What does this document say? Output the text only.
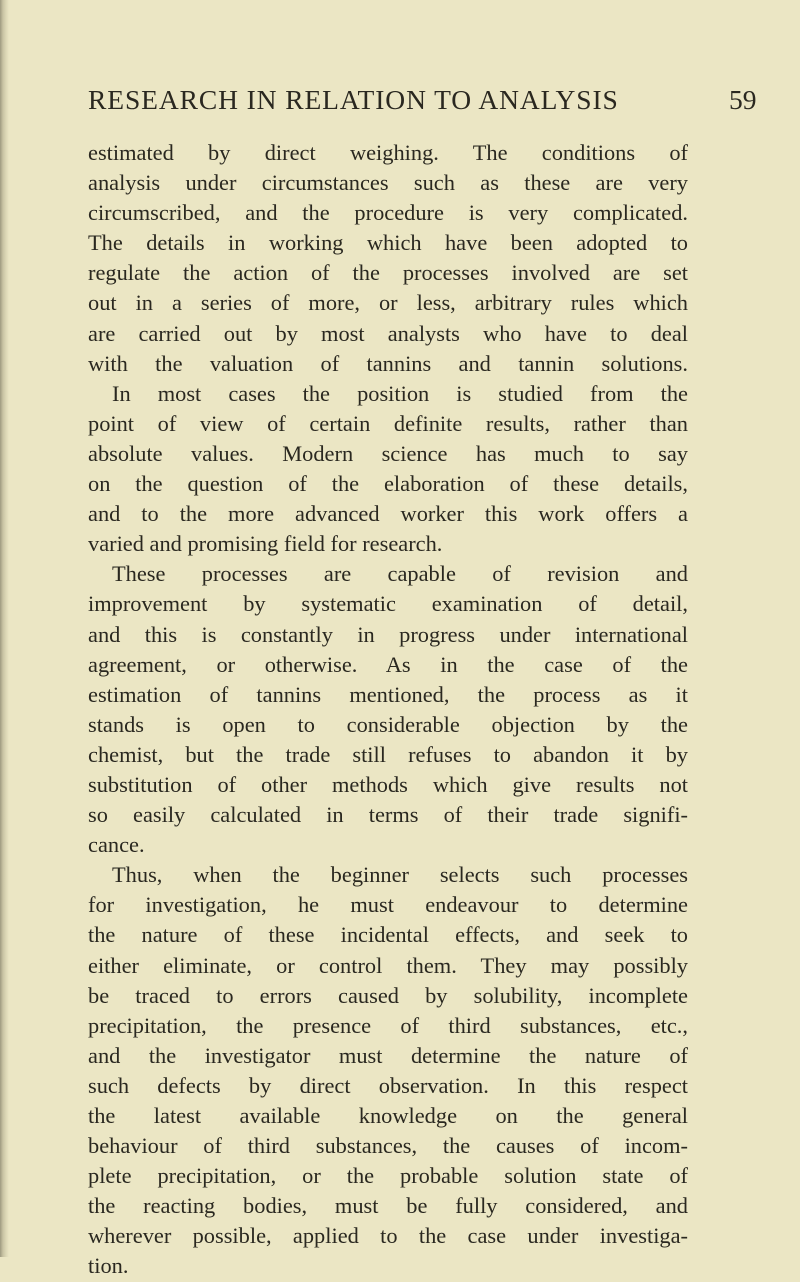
RESEARCH IN RELATION TO ANALYSIS	59
estimated by direct weighing. The conditions of
analysis under circumstances such as these are very
circumscribed, and the procedure is very complicated.
The details in working which have been adopted to
regulate the action of the processes involved are set
out in a series of more, or less, arbitrary rules which
are carried out by most analysts who have to deal
with the valuation of tannins and tannin solutions.
In most cases the position is studied from the
point of view of certain definite results, rather than
absolute values. Modern science has much to say
on the question of the elaboration of these details,
and to the more advanced worker this work offers a
varied and promising field for research.
These processes are capable of revision and
improvement by systematic examination of detail,
and this is constantly in progress under international
agreement, or otherwise. As in the case of the
estimation of tannins mentioned, the process as it
stands is open to considerable objection by the
chemist, but the trade still refuses to abandon it by
substitution of other methods which give results not
so easily calculated in terms of their trade signifi-
cance.
Thus, when the beginner selects such processes
for investigation, he must endeavour to determine
the nature of these incidental effects, and seek to
either eliminate, or control them. They may possibly
be traced to errors caused by solubility, incomplete
precipitation, the presence of third substances, etc.,
and the investigator must determine the nature of
such defects by direct observation. In this respect
the latest available knowledge on the general
behaviour of third substances, the causes of incom-
plete precipitation, or the probable solution state of
the reacting bodies, must be fully considered, and
wherever possible, applied to the case under investiga-
tion.
